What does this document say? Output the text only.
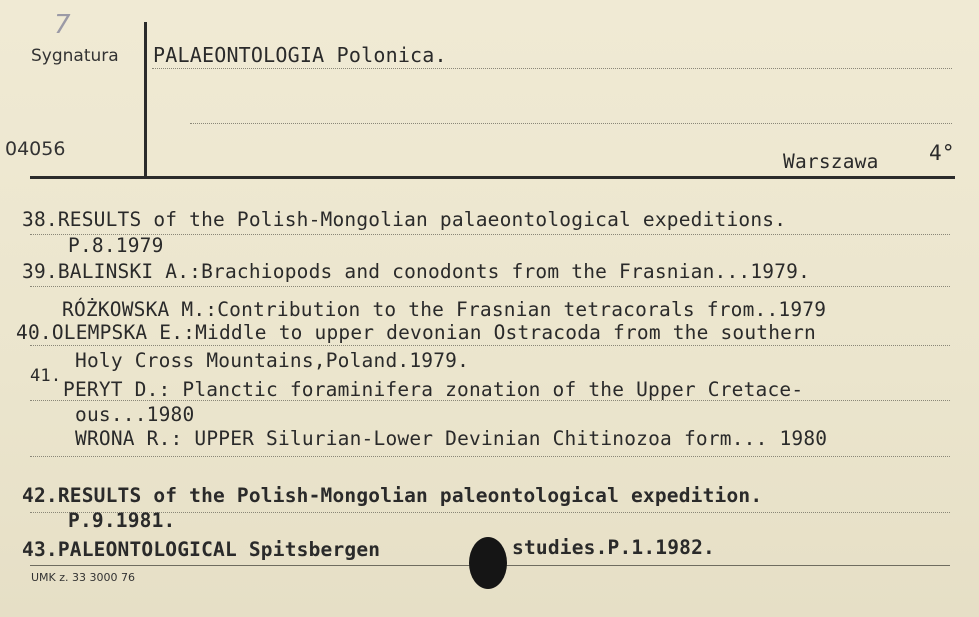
7
Sygnatura PALAEONTOLOGIA Polonica.
04056
Warszawa 4°
38.RESULTS of the Polish-Mongolian palaeontological expeditions.
P.8.1979
39.BALINSKI A.:Brachiopods and conodonts from the Frasnian...1979.
RÓŻKOWSKA M.:Contribution to the Frasnian tetracorals from..1979
40.OLEMPSKA E.:Middle to upper devonian Ostracoda from the southern
Holy Cross Mountains,Poland.1979.
41.
PERYT D.: Planctic foraminifera zonation of the Upper Cretace-
ous...1980
WRONA R.: UPPER Silurian-Lower Devinian Chitinozoa form... 1980
42.RESULTS of the Polish-Mongolian paleontological expedition.
P.9.1981.
43.PALEONTOLOGICAL Spitsbergen	studies.P.1.1982.
UMK z. 33 3000 76
